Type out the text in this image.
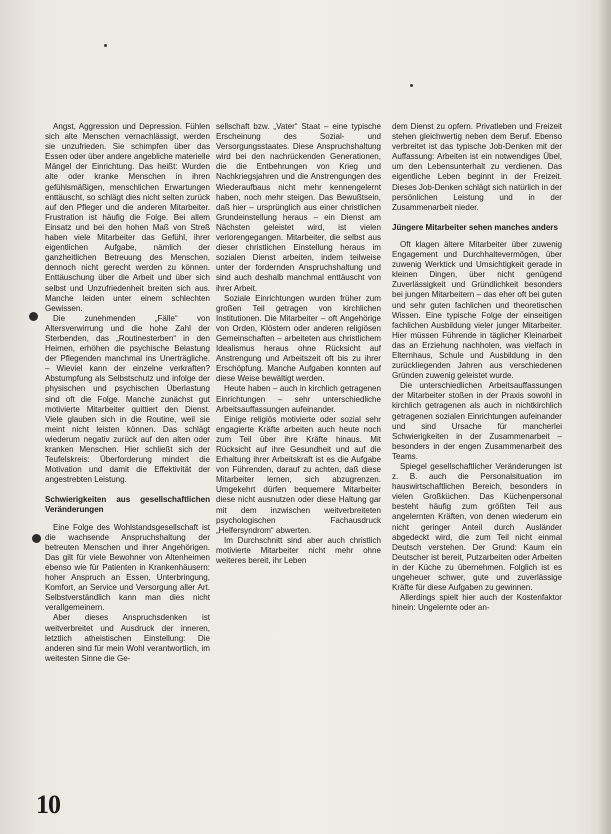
Angst, Aggression und Depression. Fühlen sich alte Menschen vernachlässigt, werden sie unzufrieden. Sie schimpfen über das Essen oder über andere angebliche materielle Mängel der Einrichtung. Das heißt: Wurden alte oder kranke Menschen in ihren gefühlsmäßigen, menschlichen Erwartungen enttäuscht, so schlägt dies nicht selten zurück auf den Pfleger und die anderen Mitarbeiter. Frustration ist häufig die Folge. Bei allem Einsatz und bei den hohen Maß von Streß haben viele Mitarbeiter das Gefühl, ihrer eigentlichen Aufgabe, nämlich der ganzheitlichen Betreuung des Menschen, dennoch nicht gerecht werden zu können. Enttäuschung über die Arbeit und über sich selbst und Unzufriedenheit breiten sich aus. Manche leiden unter einem schlechten Gewissen.

Die zunehmenden „Fälle“ von Altersverwirrung und die hohe Zahl der Sterbenden, das „Routinesterben“ in den Heimen, erhöhen die psychische Belastung der Pflegenden manchmal ins Unerträgliche. – Wieviel kann der einzelne verkraften? Abstumpfung als Selbstschutz und infolge der physischen und psychischen Überlastung sind oft die Folge. Manche zunächst gut motivierte Mitarbeiter quittiert den Dienst. Viele glauben sich in die Routine, weil sie meint nicht leisten können. Das schlägt wiederum negativ zurück auf den alten oder kranken Menschen. Hier schließt sich der Teufelskreis: Überforderung mindert die Motivation und damit die Effektivität der angestrebten Leistung.

Schwierigkeiten aus gesellschaftlichen Veränderungen

Eine Folge des Wohlstandsgesellschaft ist die wachsende Anspruchshaltung der betreuten Menschen und ihrer Angehörigen. Das gilt für viele Bewohner von Altenheimen ebenso wie für Patienten in Krankenhäusern: hoher Anspruch an Essen, Unterbringung, Komfort, an Service und Versorgung aller Art. Selbstverständlich kann man dies nicht verallgemeinern.

Aber dieses Anspruchsdenken ist weitverbreitet und Ausdruck der inneren, letztlich atheistischen Einstellung: Die anderen sind für mein Wohl verantwortlich, im weitesten Sinne die Ge-

sellschaft bzw. „Vater“ Staat – eine typische Erscheinung des Sozial- und Versorgungsstaates. Diese Anspruchshaltung wird bei den nachrückenden Generationen, die die Entbehrungen von Krieg und Nachkriegsjahren und die Anstrengungen des Wiederaufbaus nicht mehr kennengelernt haben, noch mehr steigen. Das Bewußtsein, daß hier – ursprünglich aus einer christlichen Grundeinstellung heraus – ein Dienst am Nächsten geleistet wird, ist vielen verlorengegangen. Mitarbeiter, die selbst aus dieser christlichen Einstellung heraus im sozialen Dienst arbeiten, indem teilweise unter der fordernden Anspruchshaltung und sind auch deshalb manchmal enttäuscht von ihrer Arbeit.

Soziale Einrichtungen wurden früher zum großen Teil getragen von kirchlichen Institutionen. Die Mitarbeiter – oft Angehörige von Orden, Klöstern oder anderen religiösen Gemeinschaften – arbeiteten aus christlichem Idealismus heraus ohne Rücksicht auf Anstrengung und Arbeitszeit oft bis zu ihrer Erschöpfung. Manche Aufgaben konnten auf diese Weise bewältigt werden.

Heute haben – auch in kirchlich getragenen Einrichtungen – sehr unterschiedliche Arbeitsauffassungen aufeinander.

Einige religiös motivierte oder sozial sehr engagierte Kräfte arbeiten auch heute noch zum Teil über ihre Kräfte hinaus. Mit Rücksicht auf ihre Gesundheit und auf die Erhaltung ihrer Arbeitskraft ist es die Aufgabe von Führenden, darauf zu achten, daß diese Mitarbeiter lernen, sich abzugrenzen. Umgekehrt dürfen bequemere Mitarbeiter diese nicht ausnutzen oder diese Haltung gar mit dem inzwischen weitverbreiteten psychologischen Fachausdruck „Helfersyndrom“ abwerten.

Im Durchschnitt sind aber auch christlich motivierte Mitarbeiter nicht mehr ohne weiteres bereit, ihr Leben

dem Dienst zu opfern. Privatleben und Freizeit stehen gleichwertig neben dem Beruf. Ebenso verbreitet ist das typische Job-Denken mit der Auffassung: Arbeiten ist ein notwendiges Übel, um den Lebensunterhalt zu verdienen. Das eigentliche Leben beginnt in der Freizeit. Dieses Job-Denken schlägt sich natürlich in der persönlichen Leistung und in der Zusammenarbeit nieder.

Jüngere Mitarbeiter sehen manches anders

Oft klagen ältere Mitarbeiter über zuwenig Engagement und Durchhaltevermögen, über zuwenig Werktick und Umsichtigkeit gerade in kleinen Dingen, über nicht genügend Zuverlässigkeit und Gründlichkeit besonders bei jungen Mitarbeitern – das eher oft bei guten und sehr guten fachlichen und theoretischen Wissen. Eine typische Folge der einseitigen fachlichen Ausbildung vieler junger Mitarbeiter. Hier müssen Führende in täglicher Kleinarbeit das an Erziehung nachholen, was vielfach in Elternhaus, Schule und Ausbildung in den zurückliegenden Jahren aus verschiedenen Gründen zuwenig geleistet wurde.

Die unterschiedlichen Arbeitsauffassungen der Mitarbeiter stoßen in der Praxis sowohl in kirchlich getragenen als auch in nichtkirchlich getragenen sozialen Einrichtungen aufeinander und sind Ursache für mancherlei Schwierigkeiten in der Zusammenarbeit – besonders in der engen Zusammenarbeit des Teams.

Spiegel gesellschaftlicher Veränderungen ist z. B. auch die Personalsituation im hauswirtschaftlichen Bereich, besonders in vielen Großküchen. Das Küchenpersonal besteht häufig zum größten Teil aus angelernten Kräften, von denen wiederum ein nicht geringer Anteil durch Ausländer abgedeckt wird, die zum Teil nicht einmal Deutsch verstehen. Der Grund: Kaum ein Deutscher ist bereit, Putzarbeiten oder Arbeiten in der Küche zu übernehmen. Folglich ist es ungeheuer schwer, gute und zuverlässige Kräfte für diese Aufgaben zu gewinnen.

Allerdings spielt hier auch der Kostenfaktor hinein: Ungelernte oder an-

10
